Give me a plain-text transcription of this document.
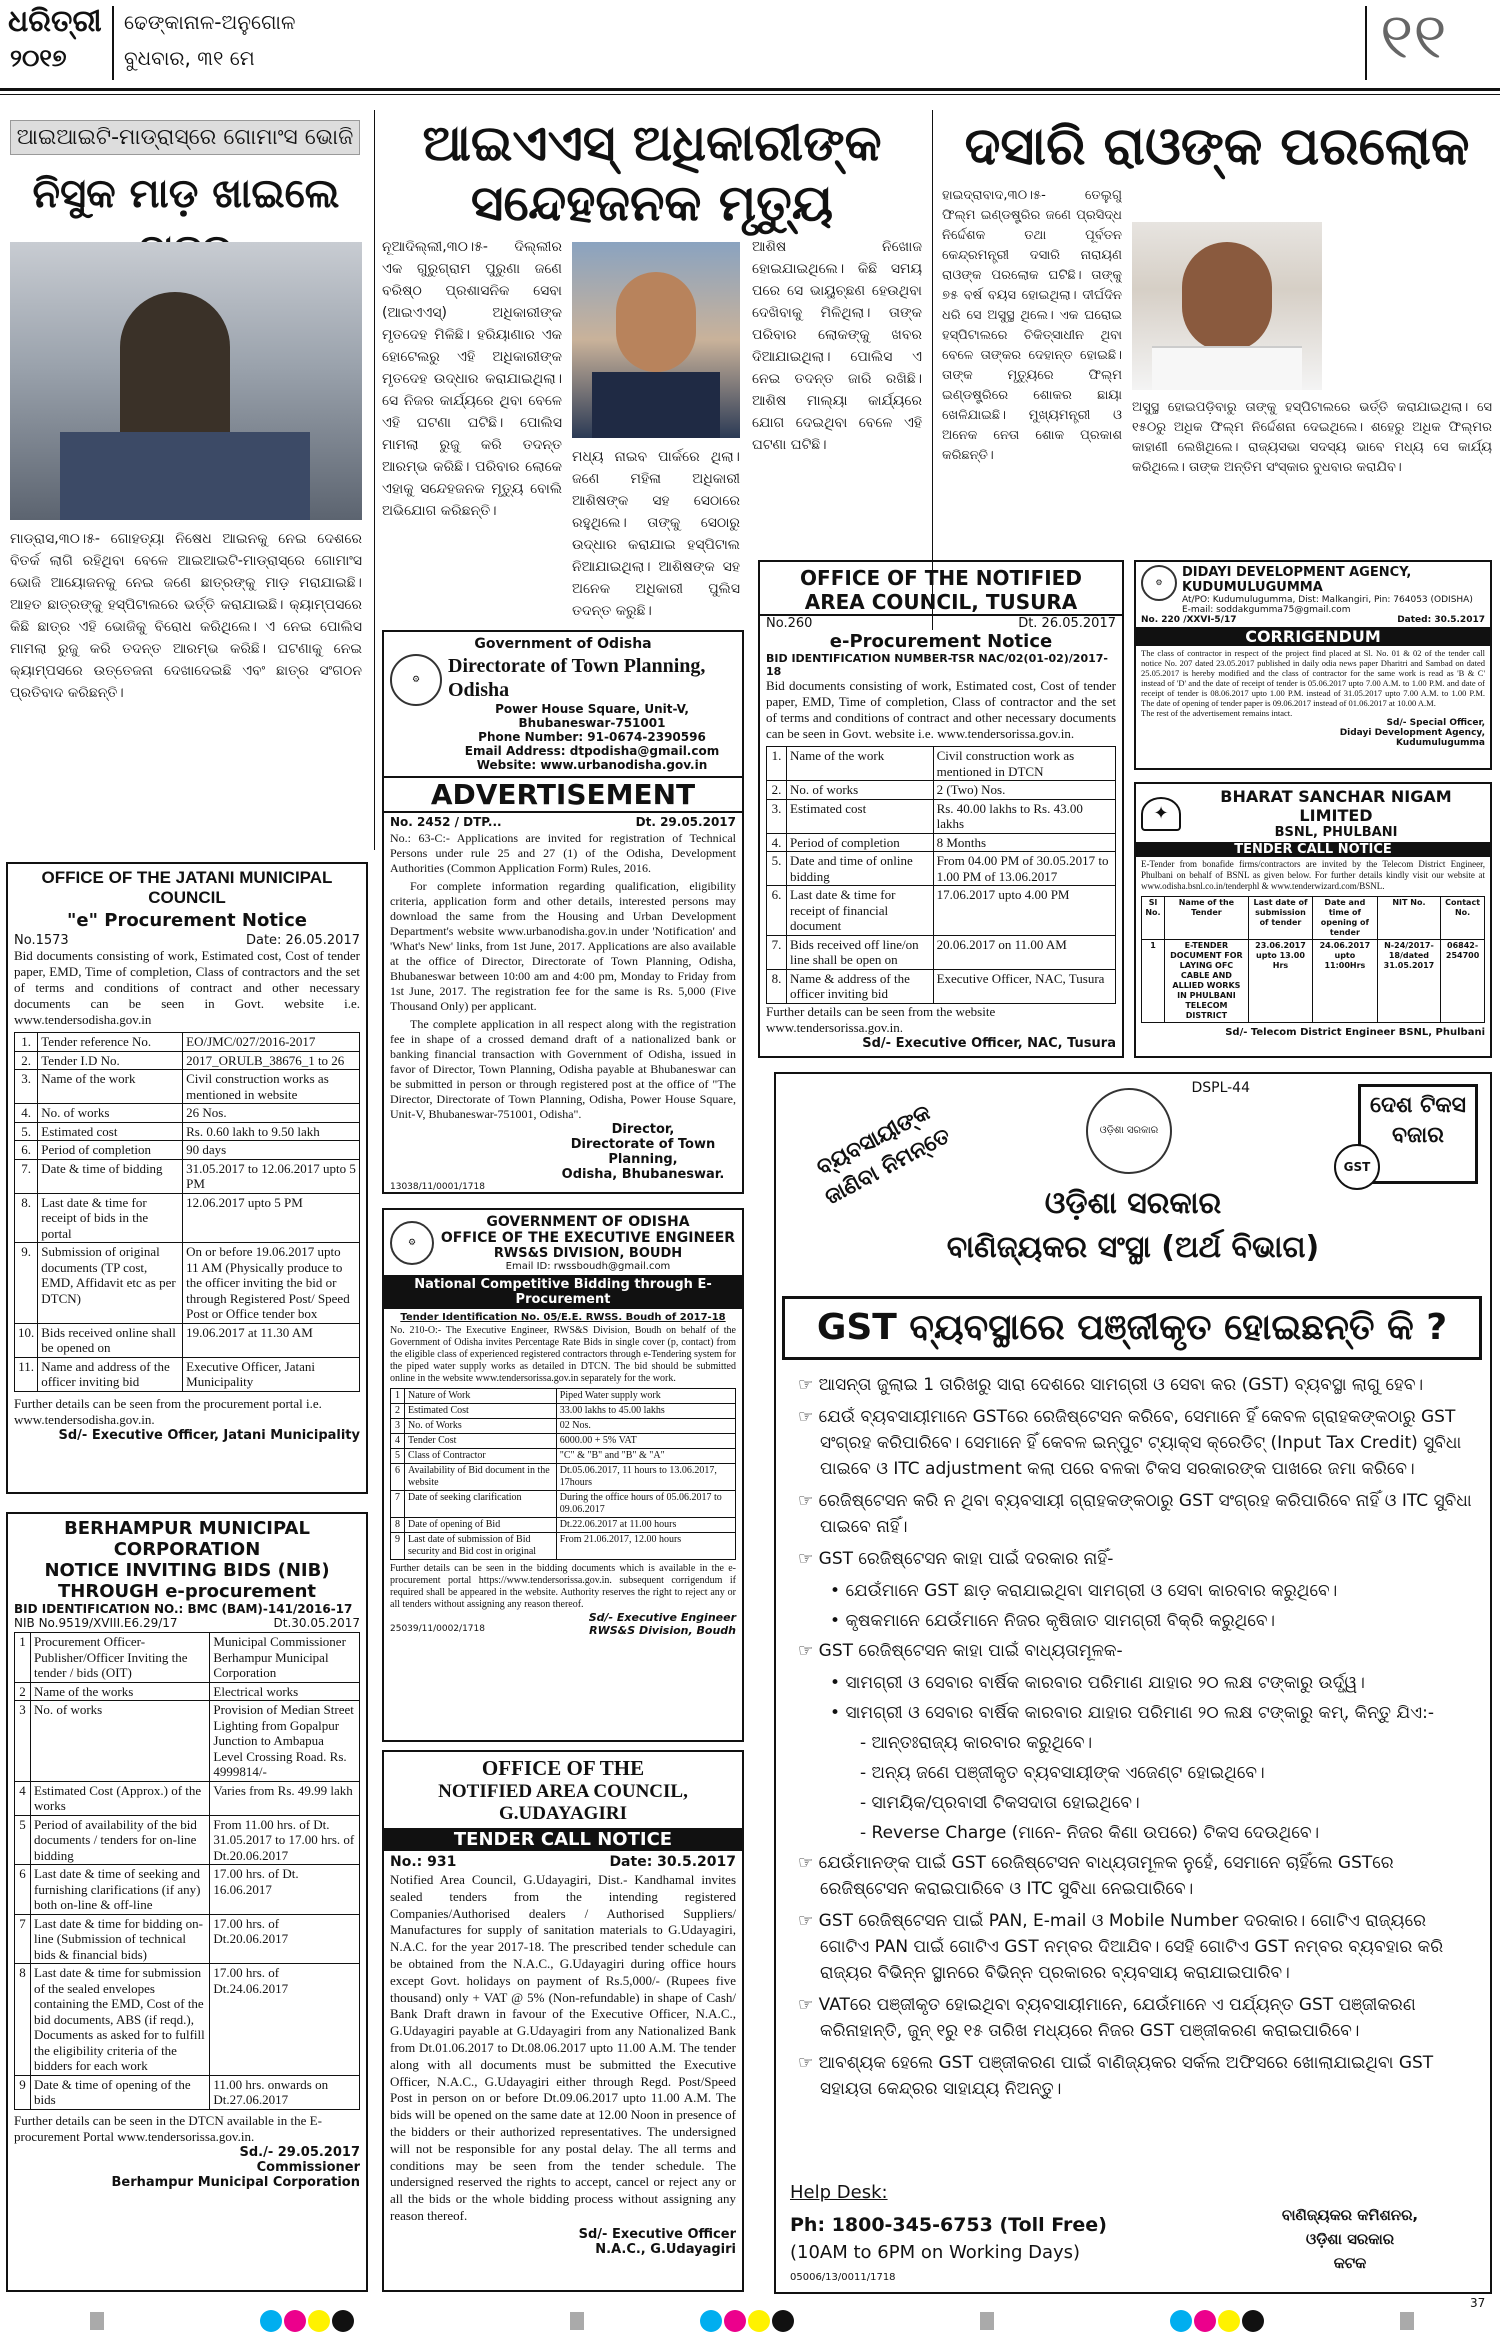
ଧରିତ୍ରୀ
୨୦୧୭
ଢେଙ୍କାନାଳ-ଅନୁଗୋଳ
ବୁଧବାର, ୩୧ ମେ	୧୧
ଆଇଆଇଟି-ମାଡ୍ରାସ୍‌ରେ ଗୋମାଂସ ଭୋଜି
ନିସୁକ ମାଡ଼ ଖାଇଲେ
ମାଡ୍ରାସ,୩୦।୫- ଗୋହତ୍ୟା ନିଷେଧ ଆଇନକୁ ନେଇ ଦେଶରେ ବିତର୍କ ଲାଗି ରହିଥିବା ବେଳେ ଆଇଆଇଟି-ମାଡ୍ରାସ୍‌ରେ ଗୋମାଂସ ଭୋଜି ଆୟୋଜନକୁ ନେଇ ଜଣେ ଛାତ୍ରଙ୍କୁ ମାଡ଼ ମରାଯାଇଛି। ଆହତ ଛାତ୍ରଙ୍କୁ ହସ୍ପିଟାଲରେ ଭର୍ତ୍ତି କରାଯାଇଛି। କ୍ୟାମ୍ପସରେ କିଛି ଛାତ୍ର ଏହି ଭୋଜିକୁ ବିରୋଧ କରିଥିଲେ। ଏ ନେଇ ପୋଲିସ ମାମଲା ରୁଜୁ କରି ତଦନ୍ତ ଆରମ୍ଭ କରିଛି। ଘଟଣାକୁ ନେଇ କ୍ୟାମ୍ପସରେ ଉତ୍ତେଜନା ଦେଖାଦେଇଛି ଏବଂ ଛାତ୍ର ସଂଗଠନ ପ୍ରତିବାଦ କରିଛନ୍ତି।
ଆଇଏଏସ୍ ଅଧିକାରୀଙ୍କ
ସନ୍ଦେହଜନକ ମୃତ୍ୟୁ
ନୂଆଦିଲ୍ଲୀ,୩୦।୫- ଦିଲ୍ଲୀର ଏକ ଗୁରୁଗ୍ରାମ ପୁରୁଣା ଜଣେ ବରିଷ୍ଠ ପ୍ରଶାସନିକ ସେବା (ଆଇଏଏସ୍) ଅଧିକାରୀଙ୍କ ମୃତଦେହ ମିଳିଛି। ହରିୟାଣାର ଏକ ହୋଟେଲରୁ ଏହି ଅଧିକାରୀଙ୍କ ମୃତଦେହ ଉଦ୍ଧାର କରାଯାଇଥିଲା। ସେ ନିଜର କାର୍ଯ୍ୟରେ ଥିବା ବେଳେ ଏହି ଘଟଣା ଘଟିଛି। ପୋଲିସ ମାମଲା ରୁଜୁ କରି ତଦନ୍ତ ଆରମ୍ଭ କରିଛି। ପରିବାର ଲୋକେ ଏହାକୁ ସନ୍ଦେହଜନକ ମୃତ୍ୟୁ ବୋଲି ଅଭିଯୋଗ କରିଛନ୍ତି।
ଆଶିଷ ନିଖୋଜ ହୋଇଯାଇଥିଲେ। କିଛି ସମୟ ପରେ ସେ ଭାୟୁଚ୍ଛଣ ହେଉଥିବା ଦେଖିବାକୁ ମିଳିଥିଲା। ତାଙ୍କ ପରିବାର ଲୋକଙ୍କୁ ଖବର ଦିଆଯାଇଥିଲା। ପୋଲିସ ଏ ନେଇ ତଦନ୍ତ ଜାରି ରଖିଛି। ଆଶିଷ ମାଲ୍ୟା କାର୍ଯ୍ୟରେ ଯୋଗ ଦେଇଥିବା ବେଳେ ଏହି ଘଟଣା ଘଟିଛି।
ମଧ୍ୟ ନାଇବ ପାର୍କରେ ଥିଲା। ଜଣେ ମହିଳା ଅଧିକାରୀ ଆଶିଷଙ୍କ ସହ ସେଠାରେ ରହୁଥିଲେ। ତାଙ୍କୁ ସେଠାରୁ ଉଦ୍ଧାର କରାଯାଇ ହସ୍ପିଟାଲ ନିଆଯାଇଥିଲା। ଆଶିଷଙ୍କ ସହ ଅନେକ ଅଧିକାରୀ ପୁଲିସ ତଦନ୍ତ କରୁଛି।
ଦସାରି ରାଓଙ୍କ ପରଲୋକ
ହାଇଦ୍ରାବାଦ,୩୦।୫- ତେଲୁଗୁ ଫିଲ୍ମ ଇଣ୍ଡଷ୍ଟ୍ରିର ଜଣେ ପ୍ରସିଦ୍ଧ ନିର୍ଦ୍ଦେଶକ ତଥା ପୂର୍ବତନ କେନ୍ଦ୍ରମନ୍ତ୍ରୀ ଦସାରି ନାରାୟଣ ରାଓଙ୍କ ପରଲୋକ ଘଟିଛି। ତାଙ୍କୁ ୭୫ ବର୍ଷ ବୟସ ହୋଇଥିଲା। ଦୀର୍ଘଦିନ ଧରି ସେ ଅସୁସ୍ଥ ଥିଲେ। ଏକ ଘରୋଇ ହସ୍ପିଟାଲରେ ଚିକିତ୍ସାଧୀନ ଥିବା ବେଳେ ତାଙ୍କର ଦେହାନ୍ତ ହୋଇଛି। ତାଙ୍କ ମୃତ୍ୟୁରେ ଫିଲ୍ମ ଇଣ୍ଡଷ୍ଟ୍ରିରେ ଶୋକର ଛାୟା ଖେଳିଯାଇଛି। ମୁଖ୍ୟମନ୍ତ୍ରୀ ଓ ଅନେକ ନେତା ଶୋକ ପ୍ରକାଶ କରିଛନ୍ତି।
ଅସୁସ୍ଥ ହୋଇପଡ଼ିବାରୁ ତାଙ୍କୁ ହସ୍ପିଟାଲରେ ଭର୍ତ୍ତି କରାଯାଇଥିଲା। ସେ ୧୫୦ରୁ ଅଧିକ ଫିଲ୍ମ ନିର୍ଦ୍ଦେଶନା ଦେଇଥିଲେ। ଶହେରୁ ଅଧିକ ଫିଲ୍ମର କାହାଣୀ ଲେଖିଥିଲେ। ରାଜ୍ୟସଭା ସଦସ୍ୟ ଭାବେ ମଧ୍ୟ ସେ କାର୍ଯ୍ୟ କରିଥିଲେ। ତାଙ୍କ ଅନ୍ତିମ ସଂସ୍କାର ବୁଧବାର କରାଯିବ।
OFFICE OF THE JATANI MUNICIPAL COUNCIL
"e" Procurement Notice
No.1573	Date: 26.05.2017
Bid documents consisting of work, Estimated cost, Cost of tender paper, EMD, Time of completion, Class of contractors and the set of terms and conditions of contract and other necessary documents can be seen in Govt. website i.e. www.tendersodisha.gov.in
1.	Tender reference No.	EO/JMC/027/2016-2017
2.	Tender I.D No.	2017_ORULB_38676_1 to 26
3.	Name of the work	Civil construction works as mentioned in website
4.	No. of works	26 Nos.
5.	Estimated cost	Rs. 0.60 lakh to 9.50 lakh
6.	Period of completion	90 days
7.	Date & time of bidding	31.05.2017 to 12.06.2017 upto 5 PM
8.	Last date & time for receipt of bids in the portal	12.06.2017 upto 5 PM
9.	Submission of original documents (TP cost, EMD, Affidavit etc as per DTCN)	On or before 19.06.2017 upto 11 AM (Physically produce to the officer inviting the bid or through Registered Post/ Speed Post or Office tender box
10.	Bids received online shall be opened on	19.06.2017 at 11.30 AM
11.	Name and address of the officer inviting bid	Executive Officer, Jatani Municipality
Further details can be seen from the procurement portal i.e. www.tendersodisha.gov.in.
Sd/- Executive Officer, Jatani Municipality
BERHAMPUR MUNICIPAL CORPORATION
NOTICE INVITING BIDS (NIB)
THROUGH e-procurement
BID IDENTIFICATION NO.: BMC (BAM)-141/2016-17
NIB No.9519/XVIII.E6.29/17	Dt.30.05.2017
1	Procurement Officer-Publisher/Officer Inviting the tender / bids (OIT)	Municipal Commissioner Berhampur Municipal Corporation
2	Name of the works	Electrical works
3	No. of works	Provision of Median Street Lighting from Gopalpur Junction to Ambapua Level Crossing Road. Rs. 4999814/-
4	Estimated Cost (Approx.) of the works	Varies from Rs. 49.99 lakh
5	Period of availability of the bid documents / tenders for on-line bidding	From 11.00 hrs. of Dt. 31.05.2017 to 17.00 hrs. of Dt.20.06.2017
6	Last date & time of seeking and furnishing clarifications (if any) both on-line & off-line	17.00 hrs. of Dt. 16.06.2017
7	Last date & time for bidding on-line (Submission of technical bids & financial bids)	17.00 hrs. of Dt.20.06.2017
8	Last date & time for submission of the sealed envelopes containing the EMD, Cost of the bid documents, ABS (if reqd.), Documents as asked for to fulfill the eligibility criteria of the bidders for each work	17.00 hrs. of Dt.24.06.2017
9	Date & time of opening of the bids	11.00 hrs. onwards on Dt.27.06.2017
Further details can be seen in the DTCN available in the E-procurement Portal www.tendersorissa.gov.in.
Sd./- 29.05.2017
Commissioner
Berhampur Municipal Corporation
Government of Odisha
⚙
Directorate of Town Planning, Odisha
Power House Square, Unit-V, Bhubaneswar-751001
Phone Number: 91-0674-2390596
Email Address: dtpodisha@gmail.com
Website: www.urbanodisha.gov.in
ADVERTISEMENT
No. 2452 / DTP...	Dt. 29.05.2017
No.: 63-C:- Applications are invited for registration of Technical Persons under rule 25 and 27 (1) of the Odisha, Development Authorities (Common Application Form) Rules, 2016.
For complete information regarding qualification, eligibility criteria, application form and other details, interested persons may download the same from the Housing and Urban Development Department's website www.urbanodisha.gov.in under 'Notification' and 'What's New' links, from 1st June, 2017. Applications are also available at the office of Director, Directorate of Town Planning, Odisha, Bhubaneswar between 10:00 am and 4:00 pm, Monday to Friday from 1st June, 2017. The registration fee for the same is Rs. 5,000 (Five Thousand Only) per applicant.
The complete application in all respect along with the registration fee in shape of a crossed demand draft of a nationalized bank or banking financial transaction with Government of Odisha, issued in favor of Director, Town Planning, Odisha payable at Bhubaneswar can be submitted in person or through registered post at the office of "The Director, Directorate of Town Planning, Odisha, Power House Square, Unit-V, Bhubaneswar-751001, Odisha".
Director,
Directorate of Town Planning,
Odisha, Bhubaneswar.
13038/11/0001/1718
⚙
GOVERNMENT OF ODISHA
OFFICE OF THE EXECUTIVE ENGINEER
RWS&S DIVISION, BOUDH
Email ID: rwssboudh@gmail.com
National Competitive Bidding through E-Procurement
Tender Identification No. 05/E.E. RWSS. Boudh of 2017-18
No. 210-O:- The Executive Engineer, RWS&S Division, Boudh on behalf of the Government of Odisha invites Percentage Rate Bids in single cover (p, contact) from the eligible class of experienced registered contractors through e-Tendering system for the piped water supply works as detailed in DTCN. The bid should be submitted online in the website www.tendersorissa.gov.in separately for the work.
1	Nature of Work	Piped Water supply work
2	Estimated Cost	33.00 lakhs to 45.00 lakhs
3	No. of Works	02 Nos.
4	Tender Cost	6000.00 + 5% VAT
5	Class of Contractor	"C" & "B" and "B" & "A"
6	Availability of Bid document in the website	Dt.05.06.2017, 11 hours to 13.06.2017, 17hours
7	Date of seeking clarification	During the office hours of 05.06.2017 to 09.06.2017
8	Date of opening of Bid	Dt.22.06.2017 at 11.00 hours
9	Last date of submission of Bid security and Bid cost in original	From 21.06.2017, 12.00 hours
Further details can be seen in the bidding documents which is available in the e-procurement portal https://www.tendersorissa.gov.in. subsequent corrigendum if required shall be appeared in the website. Authority reserves the right to reject any or all tenders without assigning any reason thereof.
Sd/- Executive Engineer
25039/11/0002/1718	RWS&S Division, Boudh
OFFICE OF THE
NOTIFIED AREA COUNCIL, G.UDAYAGIRI
TENDER CALL NOTICE
No.: 931	Date: 30.5.2017
Notified Area Council, G.Udayagiri, Dist.- Kandhamal invites sealed tenders from the intending registered Companies/Authorised dealers / Authorised Suppliers/ Manufactures for supply of sanitation materials to G.Udayagiri, N.A.C. for the year 2017-18. The prescribed tender schedule can be obtained from the N.A.C., G.Udayagiri during office hours except Govt. holidays on payment of Rs.5,000/- (Rupees five thousand) only + VAT @ 5% (Non-refundable) in shape of Cash/ Bank Draft drawn in favour of the Executive Officer, N.A.C., G.Udayagiri payable at G.Udayagiri from any Nationalized Bank from Dt.01.06.2017 to Dt.08.06.2017 upto 11.00 A.M. The tender along with all documents must be submitted the Executive Officer, N.A.C., G.Udayagiri either through Regd. Post/Speed Post in person on or before Dt.09.06.2017 upto 11.00 A.M. The bids will be opened on the same date at 12.00 Noon in presence of the bidders or their authorized representatives. The undersigned will not be responsible for any postal delay. The all terms and conditions may be seen from the tender schedule. The undersigned reserved the rights to accept, cancel or reject any or all the bids or the whole bidding process without assigning any reason thereof.
Sd/- Executive Officer
N.A.C., G.Udayagiri
OFFICE OF THE NOTIFIED
AREA COUNCIL, TUSURA
No.260	Dt. 26.05.2017
e-Procurement Notice
BID IDENTIFICATION NUMBER-TSR NAC/02(01-02)/2017-18
Bid documents consisting of work, Estimated cost, Cost of tender paper, EMD, Time of completion, Class of contractor and the set of terms and conditions of contract and other necessary documents can be seen in Govt. website i.e. www.tendersorissa.gov.in.
1.	Name of the work	Civil construction work as mentioned in DTCN
2.	No. of works	2 (Two) Nos.
3.	Estimated cost	Rs. 40.00 lakhs to Rs. 43.00 lakhs
4.	Period of completion	8 Months
5.	Date and time of online bidding	From 04.00 PM of 30.05.2017 to 1.00 PM of 13.06.2017
6.	Last date & time for receipt of financial document	17.06.2017 upto 4.00 PM
7.	Bids received off line/on line shall be open on	20.06.2017 on 11.00 AM
8.	Name & address of the officer inviting bid	Executive Officer, NAC, Tusura
Further details can be seen from the website www.tendersorissa.gov.in.
Sd/- Executive Officer, NAC, Tusura
⚙
DIDAYI DEVELOPMENT AGENCY, KUDUMULUGUMMA
At/PO: Kudumulugumma, Dist: Malkangiri, Pin: 764053 (ODISHA)
E-mail: soddakgumma75@gmail.com
No. 220 /XXVI-5/17	Dated: 30.5.2017
CORRIGENDUM
The class of contractor in respect of the project find placed at Sl. No. 01 & 02 of the tender call notice No. 207 dated 23.05.2017 published in daily odia news paper Dharitri and Sambad on dated 25.05.2017 is hereby modified and the class of contractor for the same work is read as 'B & C' instead of 'D' and the date of receipt of tender is 05.06.2017 upto 7.00 A.M. to 1.00 P.M. and date of receipt of tender is 08.06.2017 upto 1.00 P.M. instead of 31.05.2017 upto 7.00 A.M. to 1.00 P.M. The date of opening of tender paper is 09.06.2017 instead of 01.06.2017 at 10.00 A.M.
The rest of the advertisement remains intact.
Sd/- Special Officer,
Didayi Development Agency,
Kudumulugumma
✦
BHARAT SANCHAR NIGAM LIMITED
BSNL, PHULBANI
TENDER CALL NOTICE
E-Tender from bonafide firms/contractors are invited by the Telecom District Engineer, Phulbani on behalf of BSNL as given below. For further details kindly visit our website at www.odisha.bsnl.co.in/tenderphl & www.tenderwizard.com/BSNL.
Sl No.	Name of the Tender	Last date of submission of tender	Date and time of opening of tender	NIT No.	Contact No.
1	E-TENDER DOCUMENT FOR LAYING OFC CABLE AND ALLIED WORKS IN PHULBANI TELECOM DISTRICT	23.06.2017 upto 13.00 Hrs	24.06.2017 upto 11:00Hrs	N-24/2017-18/dated 31.05.2017	06842-254700
Sd/- Telecom District Engineer BSNL, Phulbani
DSPL-44
ବ୍ୟବସାୟୀଙ୍କ ଜାଣିବା ନିମନ୍ତେ	ଓଡ଼ିଶା ସରକାର
ଦେଶ ଟିକସ ବଜାର
GST
ଓଡ଼ିଶା ସରକାର
ବାଣିଜ୍ୟକର ସଂସ୍ଥା (ଅର୍ଥ ବିଭାଗ)
GST ବ୍ୟବସ୍ଥାରେ ପଞ୍ଜୀକୃତ ହୋଇଛନ୍ତି କି ?
☞ ଆସନ୍ତା ଜୁଲାଇ 1 ତାରିଖରୁ ସାରା ଦେଶରେ ସାମଗ୍ରୀ ଓ ସେବା କର (GST) ବ୍ୟବସ୍ଥା ଲାଗୁ ହେବ।
☞ ଯେଉଁ ବ୍ୟବସାୟୀମାନେ GSTରେ ରେଜିଷ୍ଟେସନ କରିବେ, ସେମାନେ ହିଁ କେବଳ ଗ୍ରାହକଙ୍କଠାରୁ GST ସଂଗ୍ରହ କରିପାରିବେ। ସେମାନେ ହିଁ କେବଳ ଇନ୍‌ପୁଟ ଟ୍ୟାକ୍ସ କ୍ରେଡିଟ୍ (Input Tax Credit) ସୁବିଧା ପାଇବେ ଓ ITC adjustment କଲା ପରେ ବଳକା ଟିକସ ସରକାରଙ୍କ ପାଖରେ ଜମା କରିବେ।
☞ ରେଜିଷ୍ଟେସନ କରି ନ ଥିବା ବ୍ୟବସାୟୀ ଗ୍ରାହକଙ୍କଠାରୁ GST ସଂଗ୍ରହ କରିପାରିବେ ନାହିଁ ଓ ITC ସୁବିଧା ପାଇବେ ନାହିଁ।
☞ GST ରେଜିଷ୍ଟେସନ କାହା ପାଇଁ ଦରକାର ନାହିଁ-
• ଯେଉଁମାନେ GST ଛାଡ଼ କରାଯାଇଥିବା ସାମଗ୍ରୀ ଓ ସେବା କାରବାର କରୁଥିବେ।
• କୃଷକମାନେ ଯେଉଁମାନେ ନିଜର କୃଷିଜାତ ସାମଗ୍ରୀ ବିକ୍ରି କରୁଥିବେ।
☞ GST ରେଜିଷ୍ଟେସନ କାହା ପାଇଁ ବାଧ୍ୟତାମୂଳକ-
• ସାମଗ୍ରୀ ଓ ସେବାର ବାର୍ଷିକ କାରବାର ପରିମାଣ ଯାହାର ୨୦ ଲକ୍ଷ ଟଙ୍କାରୁ ଉର୍ଦ୍ଧ୍ୱ।
• ସାମଗ୍ରୀ ଓ ସେବାର ବାର୍ଷିକ କାରବାର ଯାହାର ପରିମାଣ ୨୦ ଲକ୍ଷ ଟଙ୍କାରୁ କମ୍, କିନ୍ତୁ ଯିଏ:-
- ଆନ୍ତଃରାଜ୍ୟ କାରବାର କରୁଥିବେ।
- ଅନ୍ୟ ଜଣେ ପଞ୍ଜୀକୃତ ବ୍ୟବସାୟୀଙ୍କ ଏଜେଣ୍ଟ ହୋଇଥିବେ।
- ସାମୟିକ/ପ୍ରବାସୀ ଟିକସଦାତା ହୋଇଥିବେ।
- Reverse Charge (ମାନେ- ନିଜର କିଣା ଉପରେ) ଟିକସ ଦେଉଥିବେ।
☞ ଯେଉଁମାନଙ୍କ ପାଇଁ GST ରେଜିଷ୍ଟେସନ ବାଧ୍ୟତାମୂଳକ ନୁହେଁ, ସେମାନେ ଚାହିଁଲେ GSTରେ ରେଜିଷ୍ଟେସନ କରାଇପାରିବେ ଓ ITC ସୁବିଧା ନେଇପାରିବେ।
☞ GST ରେଜିଷ୍ଟେସନ ପାଇଁ PAN, E-mail ଓ Mobile Number ଦରକାର। ଗୋଟିଏ ରାଜ୍ୟରେ ଗୋଟିଏ PAN ପାଇଁ ଗୋଟିଏ GST ନମ୍ବର ଦିଆଯିବ। ସେହି ଗୋଟିଏ GST ନମ୍ବର ବ୍ୟବହାର କରି ରାଜ୍ୟର ବିଭିନ୍ନ ସ୍ଥାନରେ ବିଭିନ୍ନ ପ୍ରକାରର ବ୍ୟବସାୟ କରାଯାଇପାରିବ।
☞ VATରେ ପଞ୍ଜୀକୃତ ହୋଇଥିବା ବ୍ୟବସାୟୀମାନେ, ଯେଉଁମାନେ ଏ ପର୍ଯ୍ୟନ୍ତ GST ପଞ୍ଜୀକରଣ କରିନାହାନ୍ତି, ଜୁନ୍ ୧ରୁ ୧୫ ତାରିଖ ମଧ୍ୟରେ ନିଜର GST ପଞ୍ଜୀକରଣ କରାଇପାରିବେ।
☞ ଆବଶ୍ୟକ ହେଲେ GST ପଞ୍ଜୀକରଣ ପାଇଁ ବାଣିଜ୍ୟକର ସର୍କଲ ଅଫିସରେ ଖୋଲାଯାଇଥିବା GST ସହାୟତା କେନ୍ଦ୍ରର ସାହାଯ୍ୟ ନିଅନ୍ତୁ।
Help Desk:
Ph: 1800-345-6753 (Toll Free)
(10AM to 6PM on Working Days)
ବାଣିଜ୍ୟକର କମିଶନର,
ଓଡ଼ିଶା ସରକାର
କଟକ
05006/13/0011/1718
37
